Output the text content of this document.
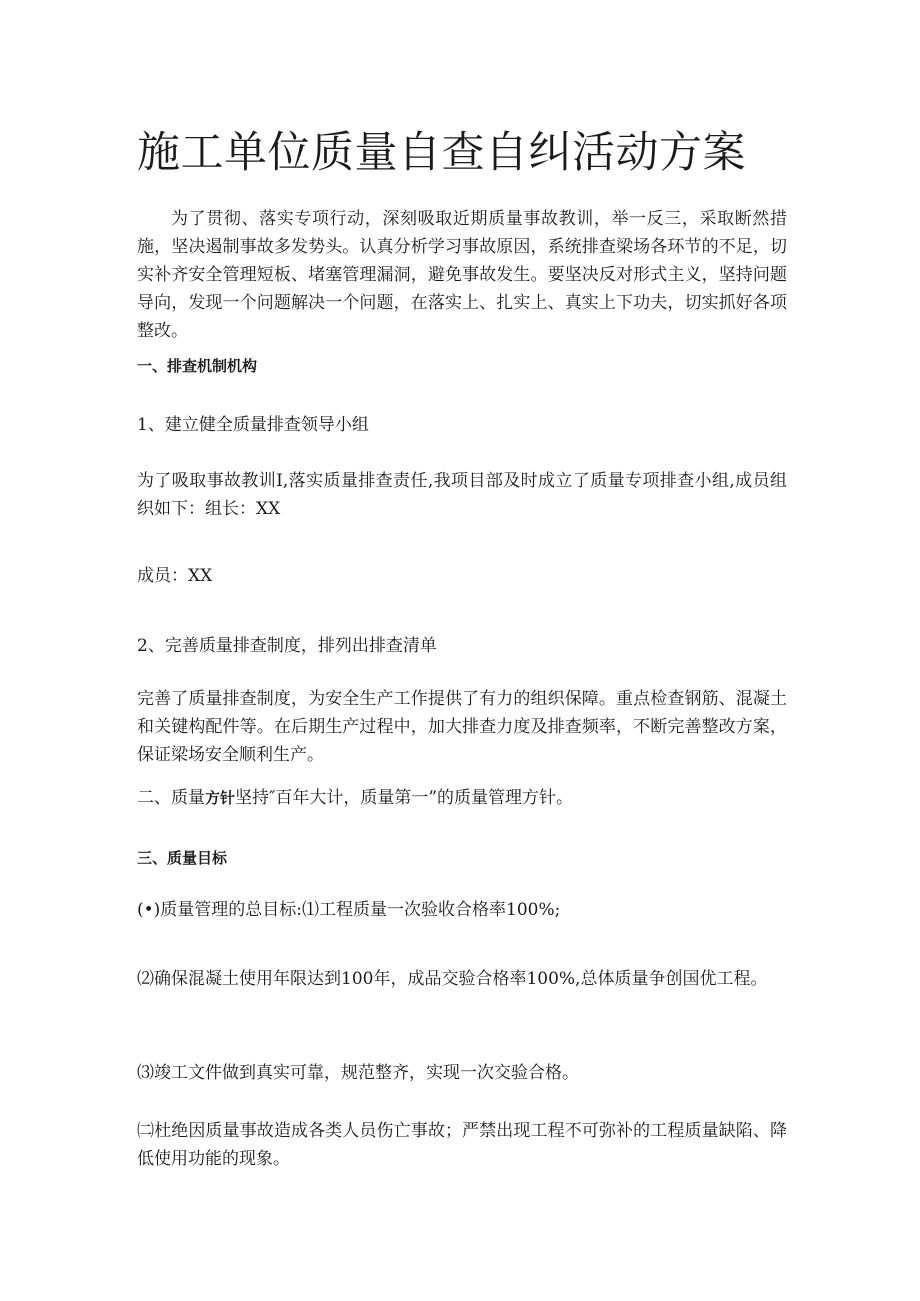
施工单位质量自查自纠活动方案

为了贯彻、落实专项行动，深刻吸取近期质量事故教训，举一反三，采取断然措施，坚决遏制事故多发势头。认真分析学习事故原因，系统排查梁场各环节的不足，切实补齐安全管理短板、堵塞管理漏洞，避免事故发生。要坚决反对形式主义，坚持问题导向，发现一个问题解决一个问题，在落实上、扎实上、真实上下功夫，切实抓好各项整改。

一、排查机制机构

1、建立健全质量排查领导小组

为了吸取事故教训I,落实质量排查责任,我项目部及时成立了质量专项排查小组,成员组织如下：组长：XX

成员：XX

2、完善质量排查制度，排列出排查清单

完善了质量排查制度，为安全生产工作提供了有力的组织保障。重点检查钢筋、混凝土和关键构配件等。在后期生产过程中，加大排查力度及排查频率，不断完善整改方案，保证梁场安全顺利生产。

二、质量方针坚持″百年大计，质量第一”的质量管理方针。

三、质量目标

(•)质量管理的总目标:⑴工程质量一次验收合格率100%;

⑵确保混凝土使用年限达到100年，成品交验合格率100%,总体质量争创国优工程。

⑶竣工文件做到真实可靠，规范整齐，实现一次交验合格。

㈡杜绝因质量事故造成各类人员伤亡事故；严禁出现工程不可弥补的工程质量缺陷、降低使用功能的现象。
